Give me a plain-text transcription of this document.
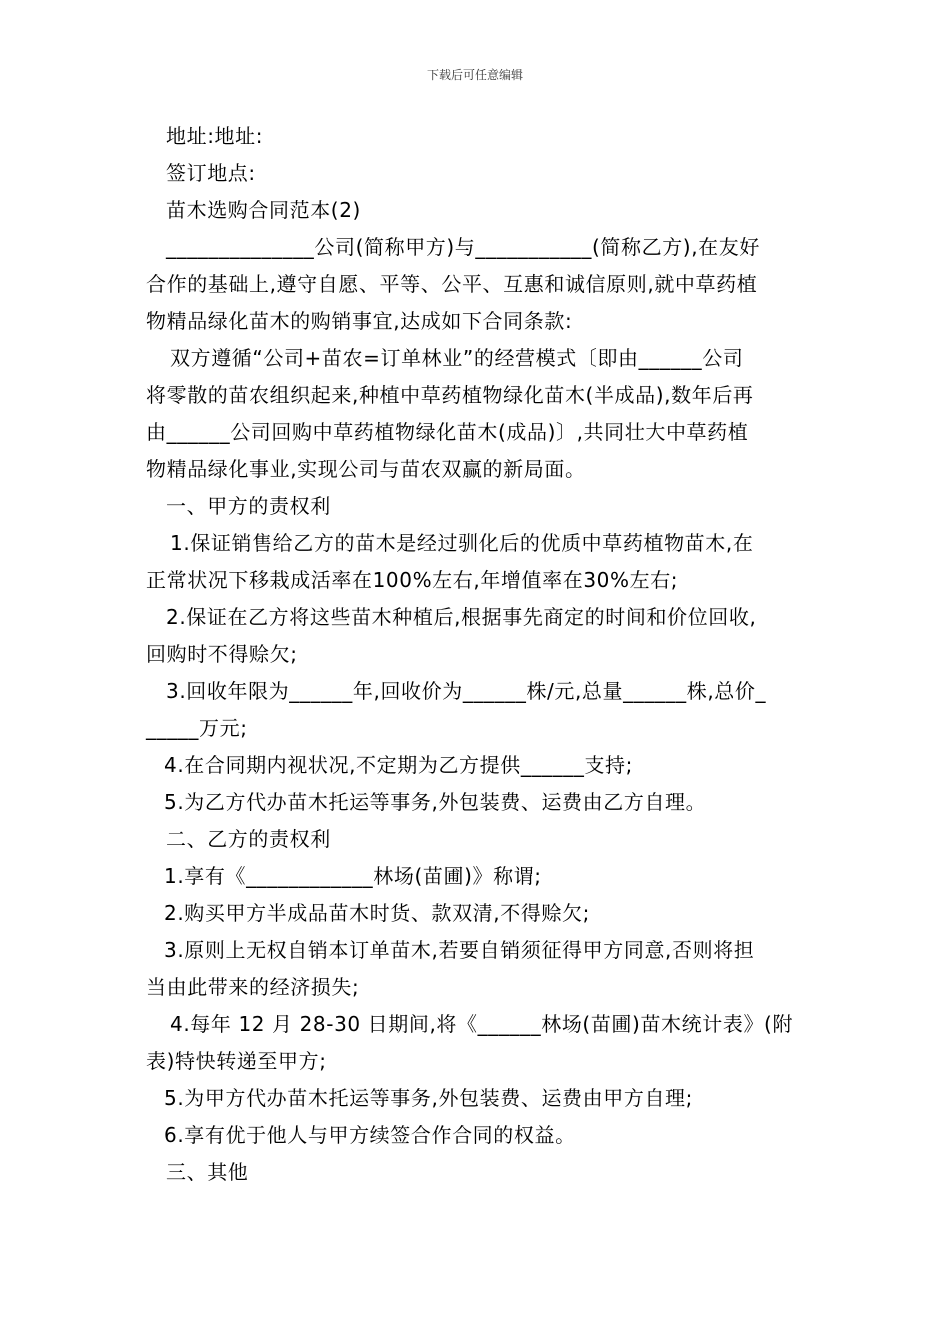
下载后可任意编辑
地址:地址:
签订地点:
苗木选购合同范本(2)
______________公司(简称甲方)与___________(简称乙方),在友好
合作的基础上,遵守自愿、平等、公平、互惠和诚信原则,就中草药植
物精品绿化苗木的购销事宜,达成如下合同条款:
双方遵循“公司+苗农=订单林业”的经营模式〔即由______公司
将零散的苗农组织起来,种植中草药植物绿化苗木(半成品),数年后再
由______公司回购中草药植物绿化苗木(成品)〕,共同壮大中草药植
物精品绿化事业,实现公司与苗农双赢的新局面。
一、甲方的责权利
1.保证销售给乙方的苗木是经过驯化后的优质中草药植物苗木,在
正常状况下移栽成活率在100%左右,年增值率在30%左右;
2.保证在乙方将这些苗木种植后,根据事先商定的时间和价位回收,
回购时不得赊欠;
3.回收年限为______年,回收价为______株/元,总量______株,总价_
_____万元;
4.在合同期内视状况,不定期为乙方提供______支持;
5.为乙方代办苗木托运等事务,外包装费、运费由乙方自理。
二、乙方的责权利
1.享有《____________林场(苗圃)》称谓;
2.购买甲方半成品苗木时货、款双清,不得赊欠;
3.原则上无权自销本订单苗木,若要自销须征得甲方同意,否则将担
当由此带来的经济损失;
4.每年 12 月 28-30 日期间,将《______林场(苗圃)苗木统计表》(附
表)特快转递至甲方;
5.为甲方代办苗木托运等事务,外包装费、运费由甲方自理;
6.享有优于他人与甲方续签合作合同的权益。
三、其他
